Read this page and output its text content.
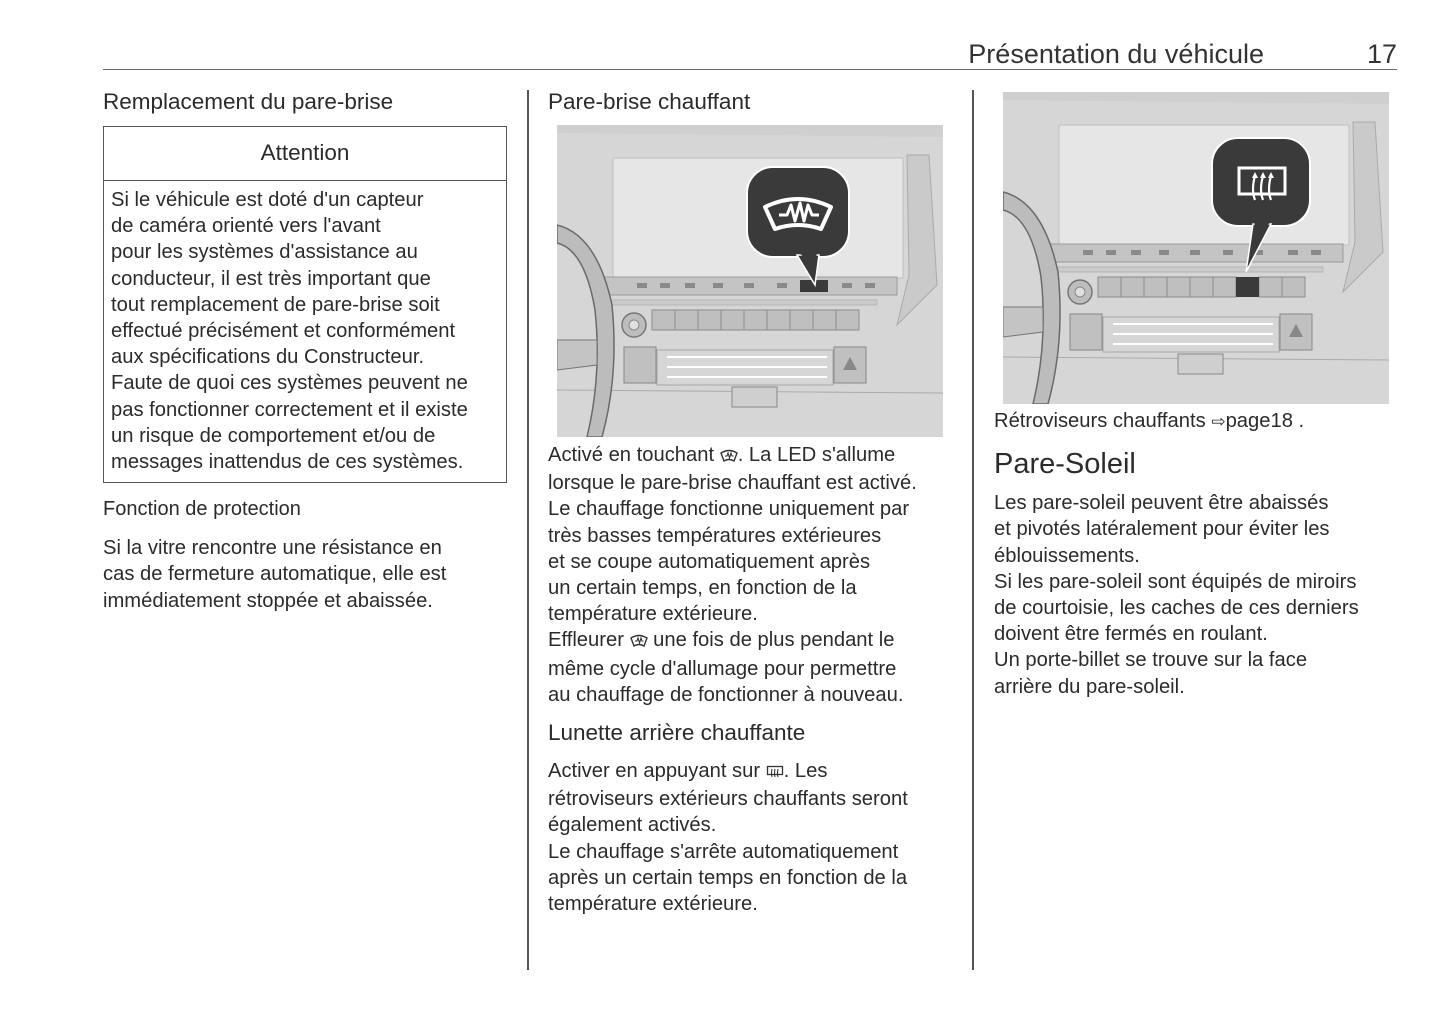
Présentation du véhicule	17
Remplacement du pare-brise
Attention
Si le véhicule est doté d'un capteur
de caméra orienté vers l'avant
pour les systèmes d'assistance au
conducteur, il est très important que
tout remplacement de pare-brise soit
effectué précisément et conformément
aux spécifications du Constructeur.
Faute de quoi ces systèmes peuvent ne
pas fonctionner correctement et il existe
un risque de comportement et/ou de
messages inattendus de ces systèmes.
Fonction de protection

Si la vitre rencontre une résistance en
cas de fermeture automatique, elle est
immédiatement stoppée et abaissée.

Pare-brise chauffant

Activé en touchant . La LED s'allume
lorsque le pare-brise chauffant est activé.
Le chauffage fonctionne uniquement par
très basses températures extérieures
et se coupe automatiquement après
un certain temps, en fonction de la
température extérieure.
Effleurer  une fois de plus pendant le
même cycle d'allumage pour permettre
au chauffage de fonctionner à nouveau.

Lunette arrière chauffante

Activer en appuyant sur . Les
rétroviseurs extérieurs chauffants seront
également activés.
Le chauffage s'arrête automatiquement
après un certain temps en fonction de la
température extérieure.

Rétroviseurs chauffants ⇨page18 .

Pare-Soleil

Les pare-soleil peuvent être abaissés
et pivotés latéralement pour éviter les
éblouissements.
Si les pare-soleil sont équipés de miroirs
de courtoisie, les caches de ces derniers
doivent être fermés en roulant.
Un porte-billet se trouve sur la face
arrière du pare-soleil.
